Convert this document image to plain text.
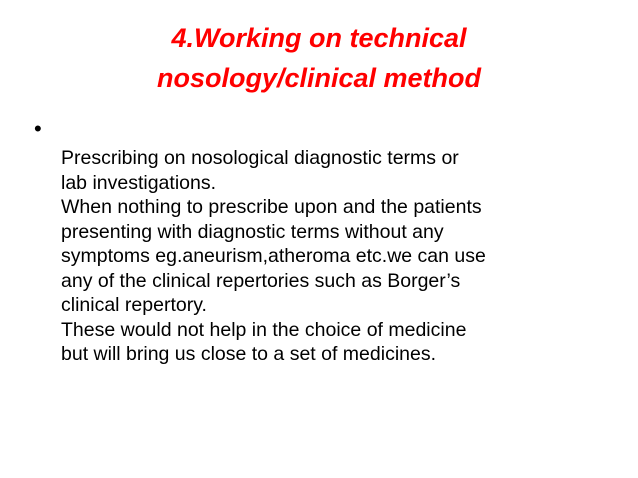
4.Working on technical
nosology/clinical method
•
Prescribing on nosological diagnostic terms or
lab investigations.
When nothing to prescribe upon and the patients
presenting with diagnostic terms without any
symptoms eg.aneurism,atheroma etc.we can use
any of the clinical repertories such as Borger’s
clinical repertory.
These would not help in the choice of medicine
but will bring us close to a set of medicines.
